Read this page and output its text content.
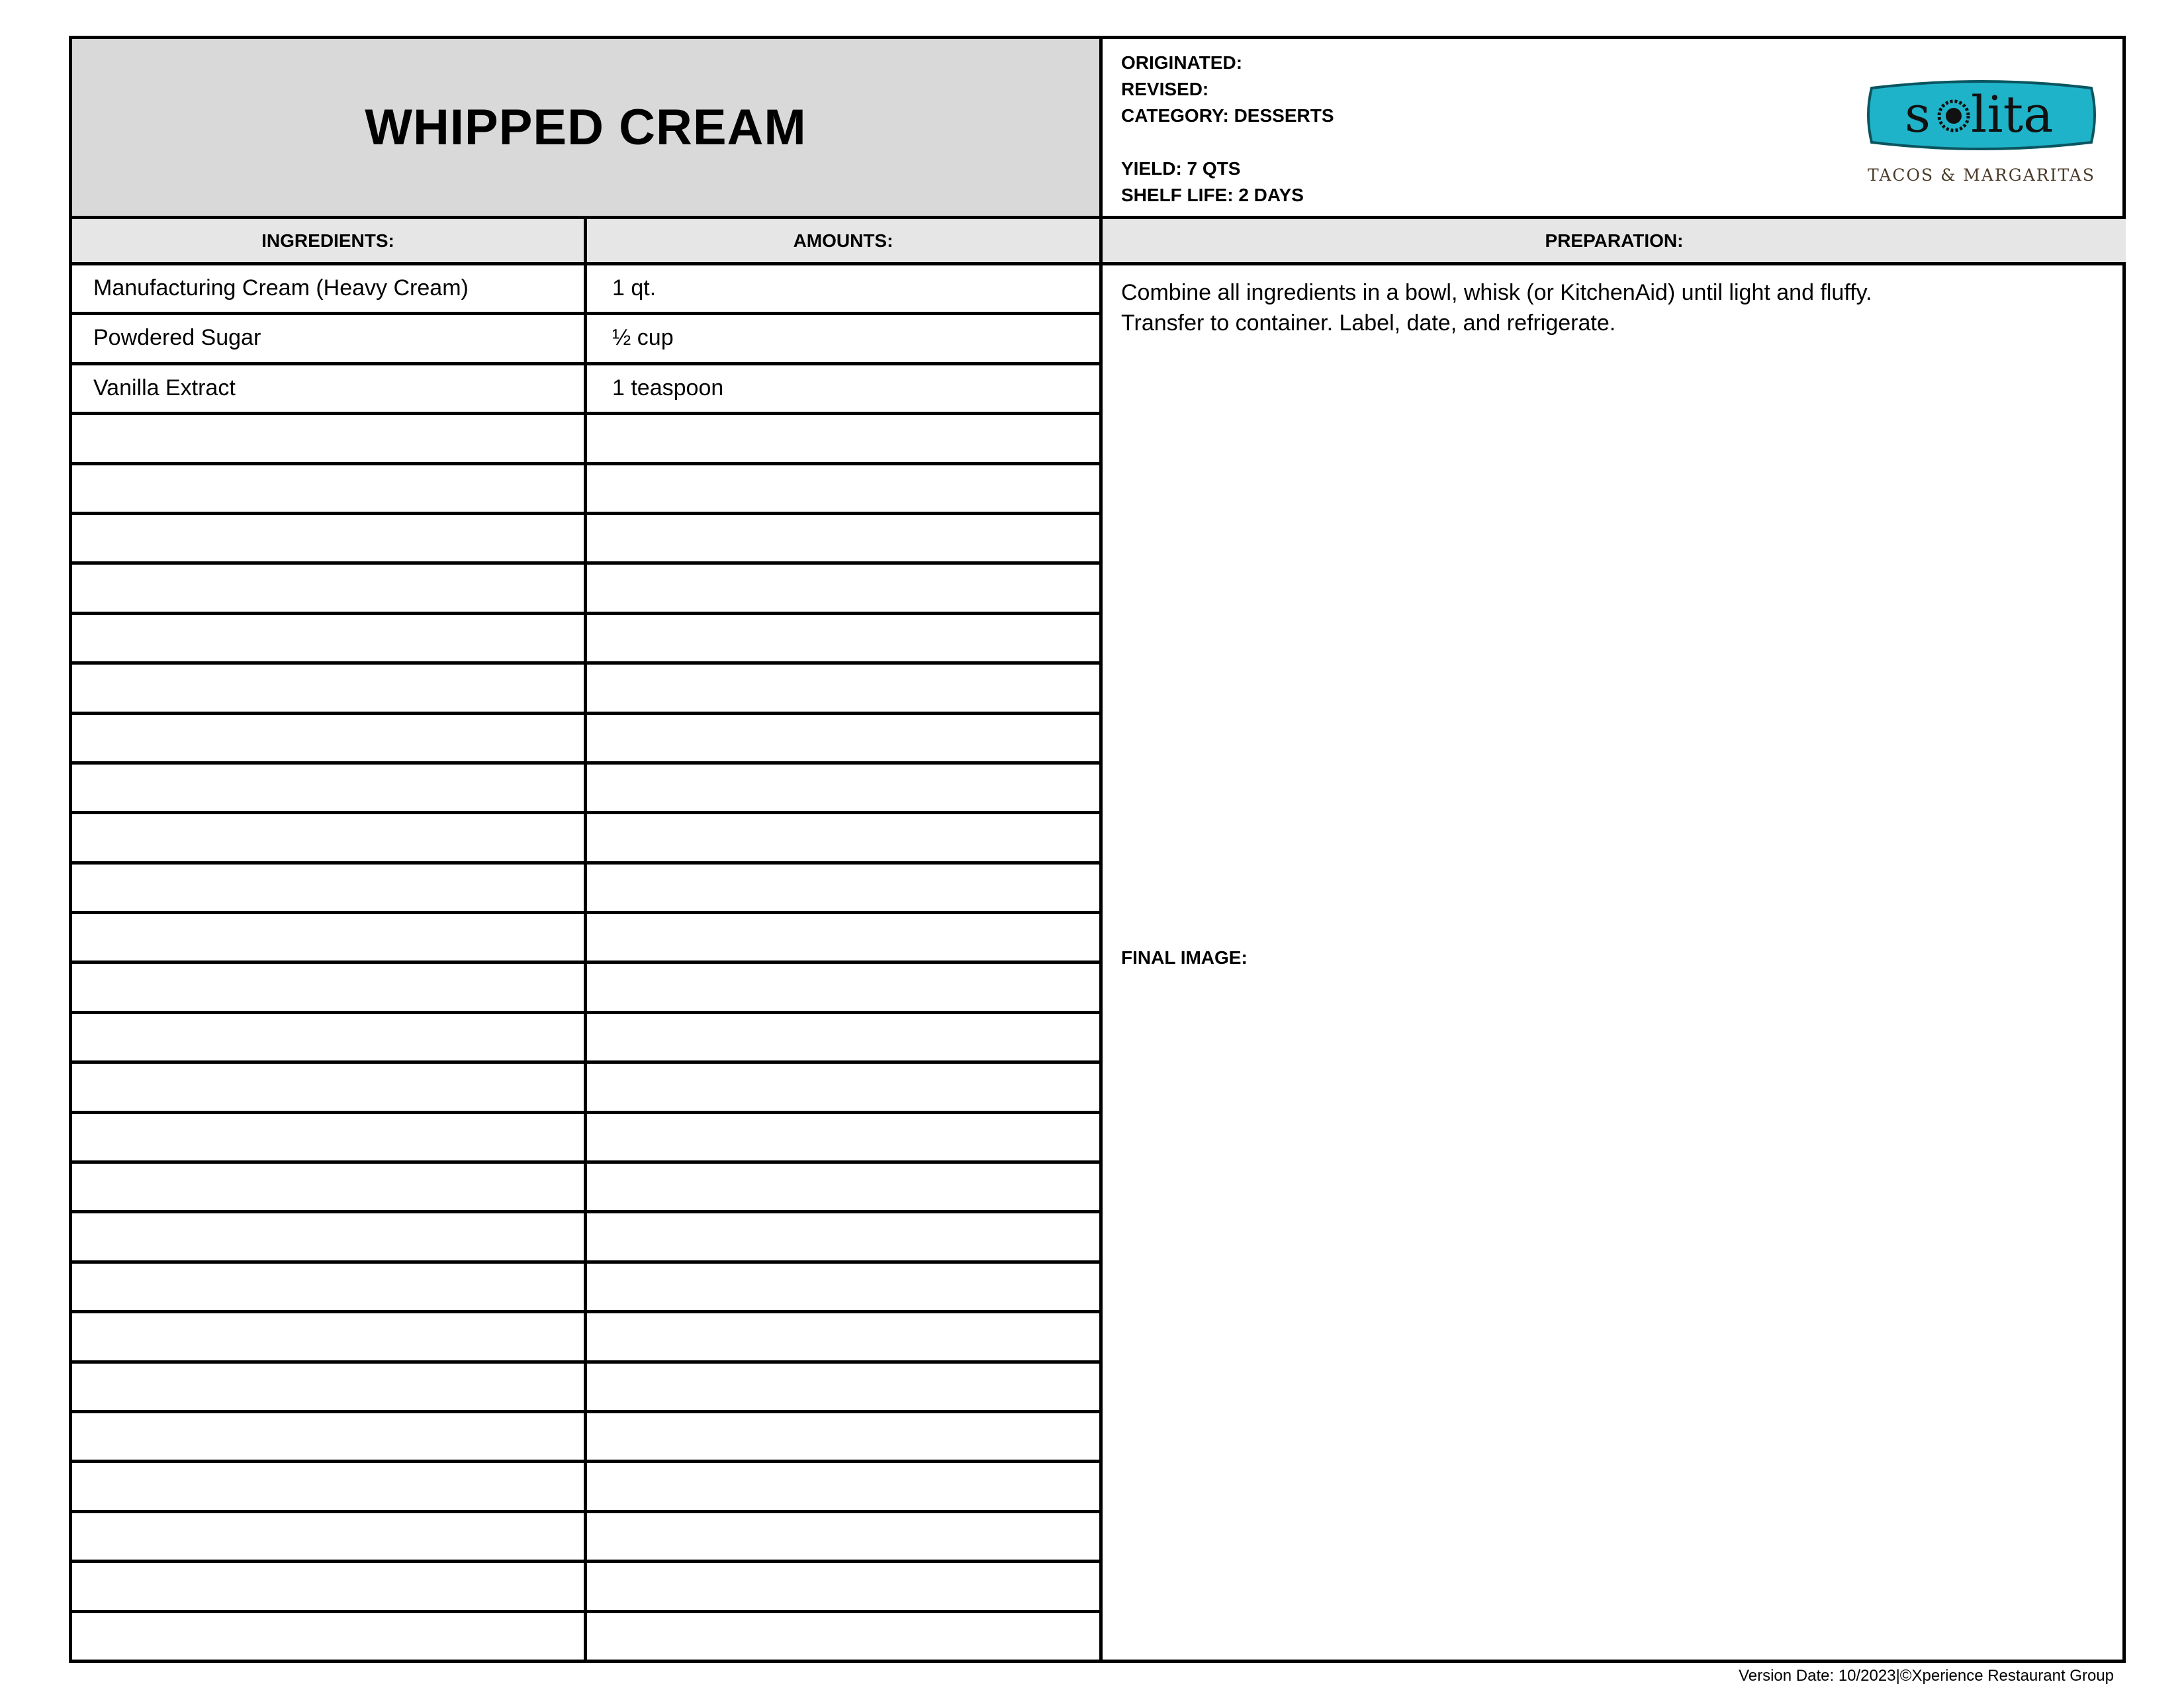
WHIPPED CREAM
ORIGINATED:
REVISED:
CATEGORY: DESSERTS
YIELD: 7 QTS
SHELF LIFE: 2 DAYS
s lita
TACOS & MARGARITAS
INGREDIENTS:	AMOUNTS:	PREPARATION:
Manufacturing Cream (Heavy Cream)	1 qt.
Powdered Sugar	½ cup
Vanilla Extract	1 teaspoon
Combine all ingredients in a bowl, whisk (or KitchenAid) until light and fluffy.
Transfer to container. Label, date, and refrigerate.
FINAL IMAGE:
Version Date: 10/2023|©Xperience Restaurant Group
